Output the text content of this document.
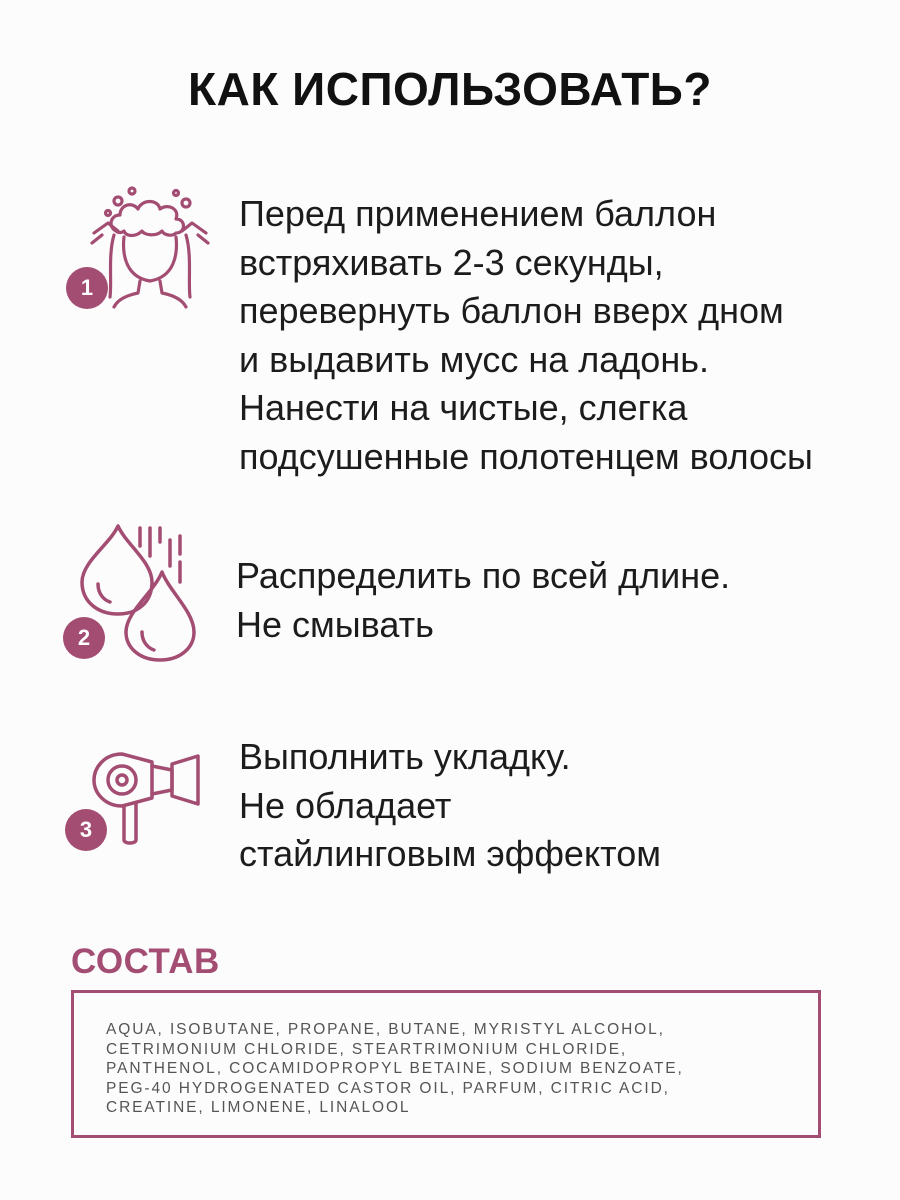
КАК ИСПОЛЬЗОВАТЬ?
1
Перед применением баллон
встряхивать 2-3 секунды,
перевернуть баллон вверх дном
и выдавить мусс на ладонь.
Нанести на чистые, слегка
подсушенные полотенцем волосы
2
Распределить по всей длине.
Не смывать
3
Выполнить укладку.
Не обладает
стайлинговым эффектом
СОСТАВ
AQUA, ISOBUTANE, PROPANE, BUTANE, MYRISTYL ALCOHOL,
CETRIMONIUM CHLORIDE, STEARTRIMONIUM CHLORIDE,
PANTHENOL, COCAMIDOPROPYL BETAINE, SODIUM BENZOATE,
PEG-40 HYDROGENATED CASTOR OIL, PARFUM, CITRIC ACID,
CREATINE, LIMONENE, LINALOOL
